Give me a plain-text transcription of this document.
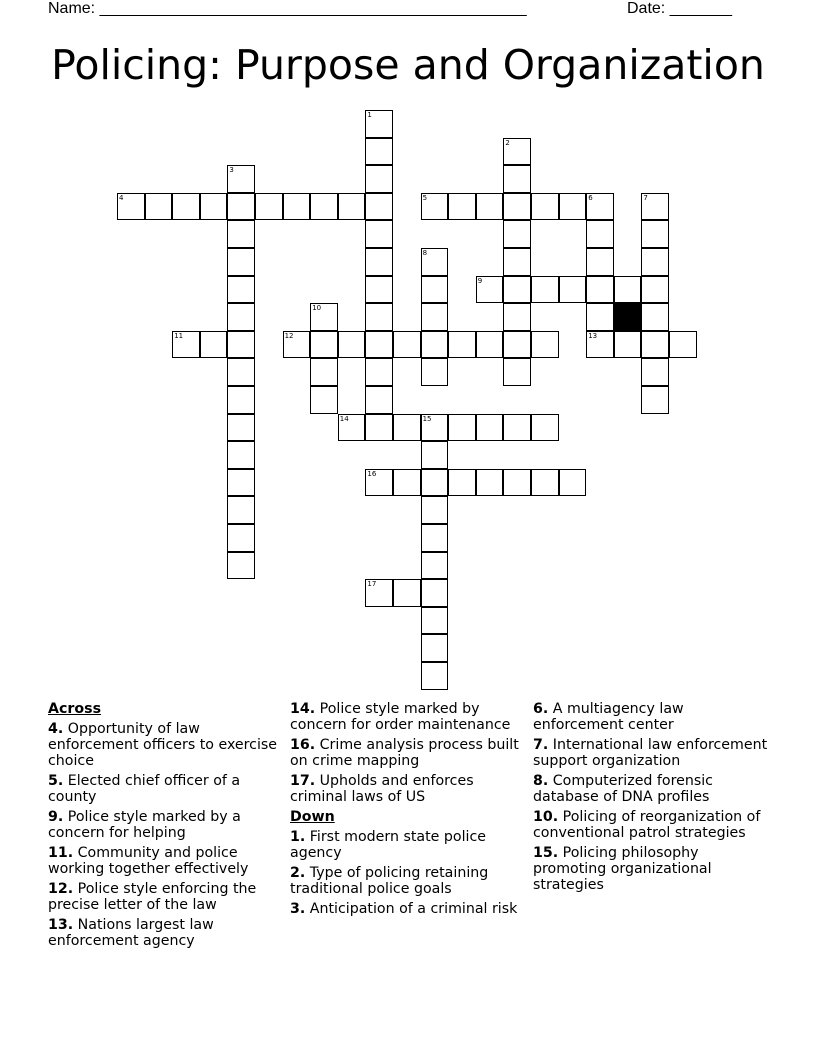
Name: ________________________________________________	Date: _______
Policing: Purpose and Organization
1
2
3
4	5	6	7
8
9
10
11	12	13
14	15
16
17
Across
4. Opportunity of law enforcement officers to exercise choice
5. Elected chief officer of a county
9. Police style marked by a concern for helping
11. Community and police working together effectively
12. Police style enforcing the precise letter of the law
13. Nations largest law enforcement agency
14. Police style marked by concern for order maintenance
16. Crime analysis process built on crime mapping
17. Upholds and enforces criminal laws of US
Down
1. First modern state police agency
2. Type of policing retaining traditional police goals
3. Anticipation of a criminal risk
6. A multiagency law enforcement center
7. International law enforcement support organization
8. Computerized forensic database of DNA profiles
10. Policing of reorganization of conventional patrol strategies
15. Policing philosophy promoting organizational strategies
